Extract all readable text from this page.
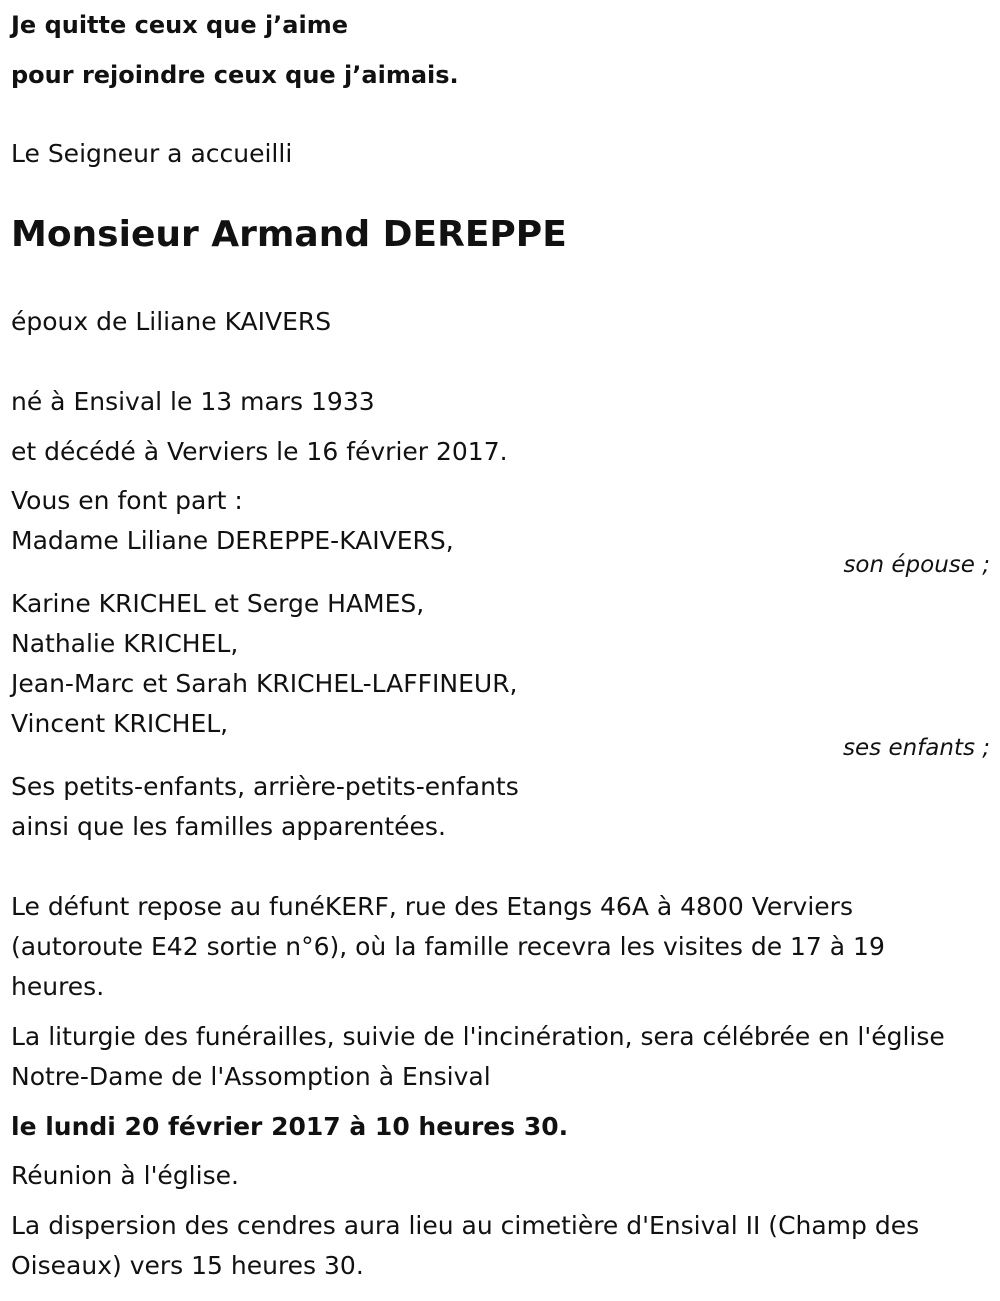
Je quitte ceux que j’aime
pour rejoindre ceux que j’aimais.
Le Seigneur a accueilli
Monsieur Armand DEREPPE
époux de Liliane KAIVERS
né à Ensival le 13 mars 1933
et décédé à Verviers le 16 février 2017.
Vous en font part :
Madame Liliane DEREPPE-KAIVERS,
son épouse ;
Karine KRICHEL et Serge HAMES,
Nathalie KRICHEL,
Jean-Marc et Sarah KRICHEL-LAFFINEUR,
Vincent KRICHEL,
ses enfants ;
Ses petits-enfants, arrière-petits-enfants
ainsi que les familles apparentées.
Le défunt repose au funéKERF, rue des Etangs 46A à 4800 Verviers
(autoroute E42 sortie n°6), où la famille recevra les visites de 17 à 19
heures.
La liturgie des funérailles, suivie de l'incinération, sera célébrée en l'église
Notre-Dame de l'Assomption à Ensival
le lundi 20 février 2017 à 10 heures 30.
Réunion à l'église.
La dispersion des cendres aura lieu au cimetière d'Ensival II (Champ des
Oiseaux) vers 15 heures 30.
